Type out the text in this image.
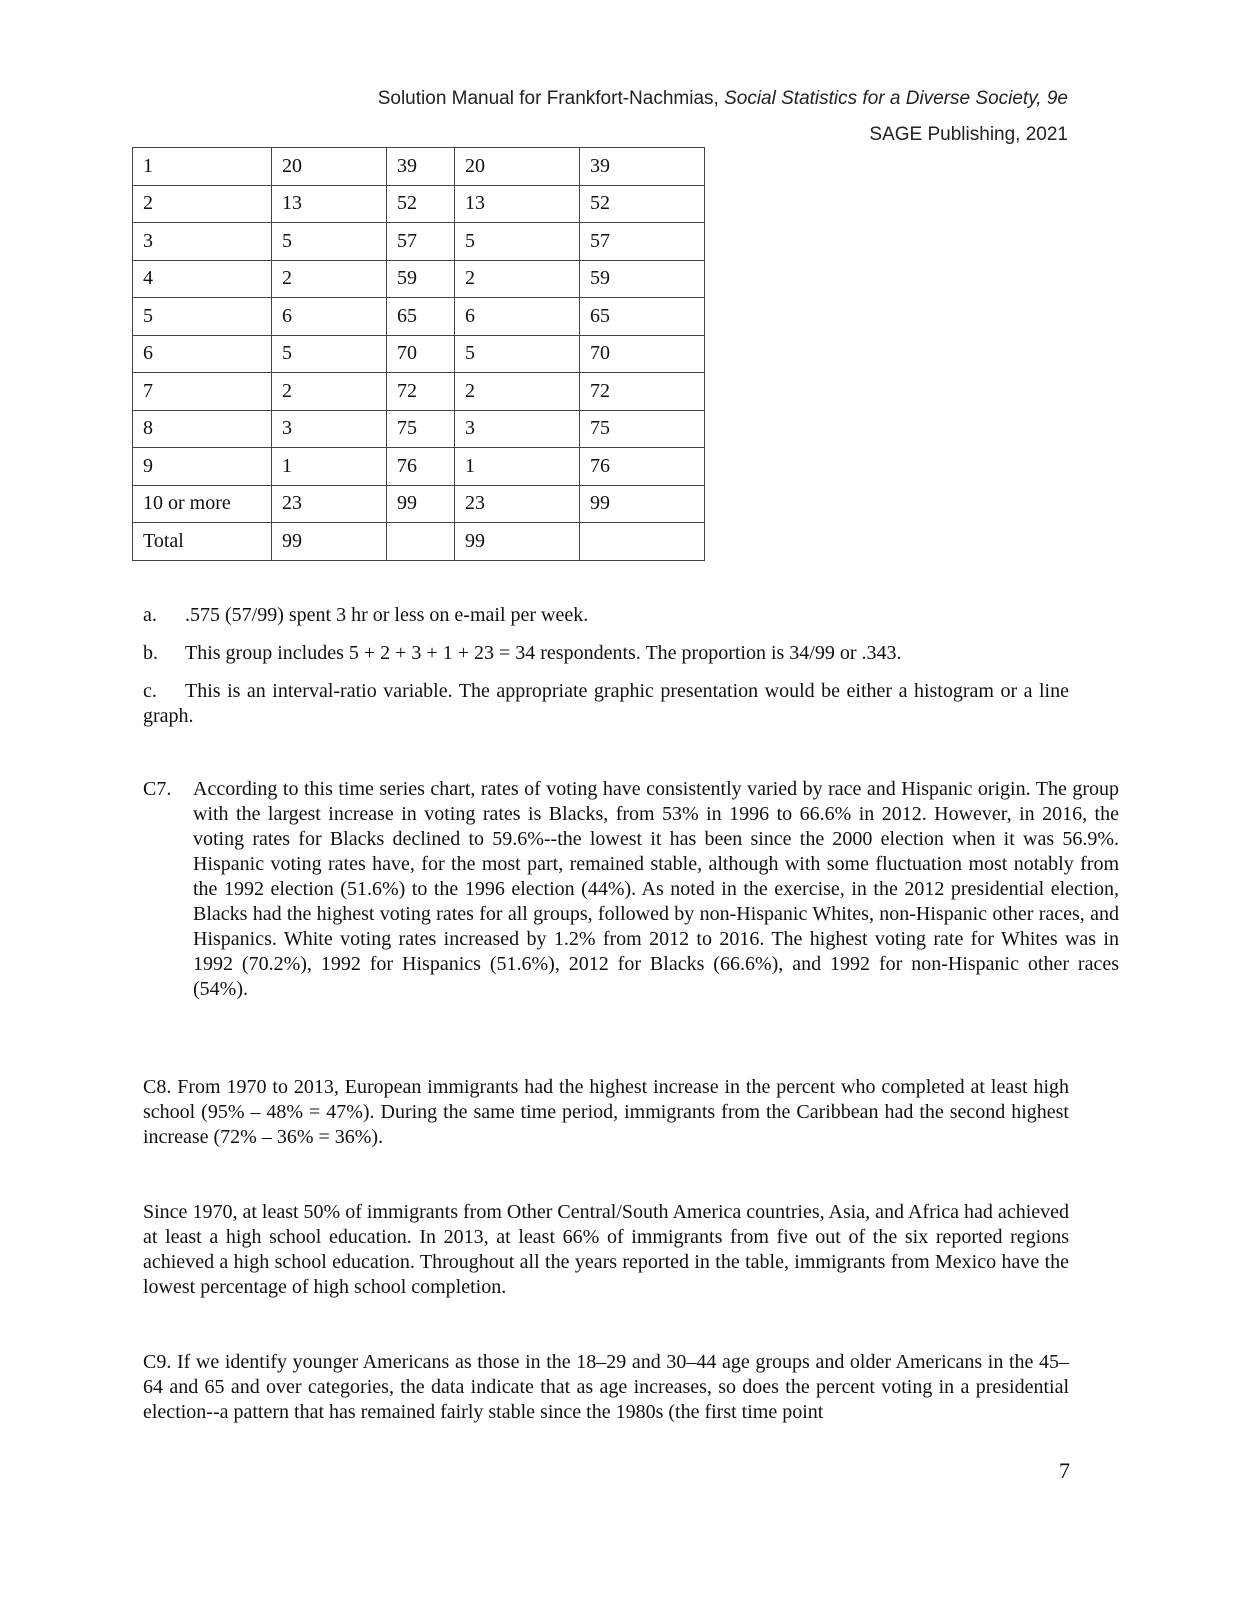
Solution Manual for Frankfort-Nachmias, Social Statistics for a Diverse Society, 9e
SAGE Publishing, 2021
1	20	39	20	39
2	13	52	13	52
3	5	57	5	57
4	2	59	2	59
5	6	65	6	65
6	5	70	5	70
7	2	72	2	72
8	3	75	3	75
9	1	76	1	76
10 or more	23	99	23	99
Total	99		99	
a. .575 (57/99) spent 3 hr or less on e-mail per week.
b. This group includes 5 + 2 + 3 + 1 + 23 = 34 respondents. The proportion is 34/99 or .343.
c. This is an interval-ratio variable. The appropriate graphic presentation would be either a histogram or a line graph.
C7. According to this time series chart, rates of voting have consistently varied by race and Hispanic origin. The group with the largest increase in voting rates is Blacks, from 53% in 1996 to 66.6% in 2012. However, in 2016, the voting rates for Blacks declined to 59.6%--the lowest it has been since the 2000 election when it was 56.9%. Hispanic voting rates have, for the most part, remained stable, although with some fluctuation most notably from the 1992 election (51.6%) to the 1996 election (44%). As noted in the exercise, in the 2012 presidential election, Blacks had the highest voting rates for all groups, followed by non-Hispanic Whites, non-Hispanic other races, and Hispanics. White voting rates increased by 1.2% from 2012 to 2016. The highest voting rate for Whites was in 1992 (70.2%), 1992 for Hispanics (51.6%), 2012 for Blacks (66.6%), and 1992 for non-Hispanic other races (54%).
C8. From 1970 to 2013, European immigrants had the highest increase in the percent who completed at least high school (95% – 48% = 47%). During the same time period, immigrants from the Caribbean had the second highest increase (72% – 36% = 36%).
Since 1970, at least 50% of immigrants from Other Central/South America countries, Asia, and Africa had achieved at least a high school education. In 2013, at least 66% of immigrants from five out of the six reported regions achieved a high school education. Throughout all the years reported in the table, immigrants from Mexico have the lowest percentage of high school completion.
C9. If we identify younger Americans as those in the 18–29 and 30–44 age groups and older Americans in the 45–64 and 65 and over categories, the data indicate that as age increases, so does the percent voting in a presidential election--a pattern that has remained fairly stable since the 1980s (the first time point
7
